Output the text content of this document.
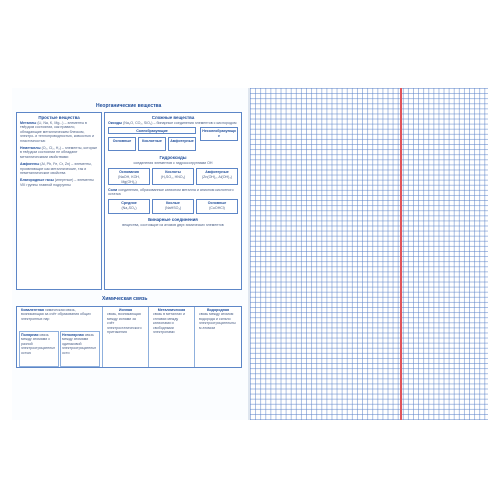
Неорганические вещества
Простые вещества
Металлы (Li, Na, K, Mg...) – элементы в твёрдом состоянии, как правило, обладающие металлическим блеском, электро- и теплопроводностью, ковкостью и пластичностью
Неметаллы (O₂, Cl₂, H₂) – элементы, которые в твёрдом состоянии не обладают металлическими свойствами
Амфигены (Al, Pb, Fe, Cr, Zn) – элементы, проявляющие как металлические, так и неметаллические свойства
Благородные газы (инертные) – элементы VIII группы главной подгруппы
Сложные вещества
Оксиды (Na₂O, CO₂, SiO₂) – бинарные соединения элементов с кислородом
Солеобразующие	Несолеобразующие
Основные	Кислотные	Амфотерные
Гидроксиды
соединения элементов с гидроксогруппами OH
Основания
(NaOH, KOH, Mg(OH)₂)
Кислоты
(H₂SO₄, HNO₃)
Амфотерные
(Zn(OH)₂, Al(OH)₃)
Соли соединения, образованные катионом металла и анионом кислотного остатка
Средние
(Na₂SO₄)
Кислые
(NaHSO₄)
Основные
(CuOHCl)
Бинарные соединения
вещества, состоящие из атомов двух химических элементов
Химическая связь
Ковалентная химическая связь, возникающая за счёт образования общих электронных пар
Полярная связь между атомами с разной электроотрицательностью
Неполярная связь между атомами одинаковой электроотрицательности
Ионная
связь, возникающая между ионами за счёт электростатического притяжения
Металлическая
связь в металлах и сплавах между катионами и свободными электронами
Водородная
связь между атомом водорода и сильно электроотрицательным атомом
